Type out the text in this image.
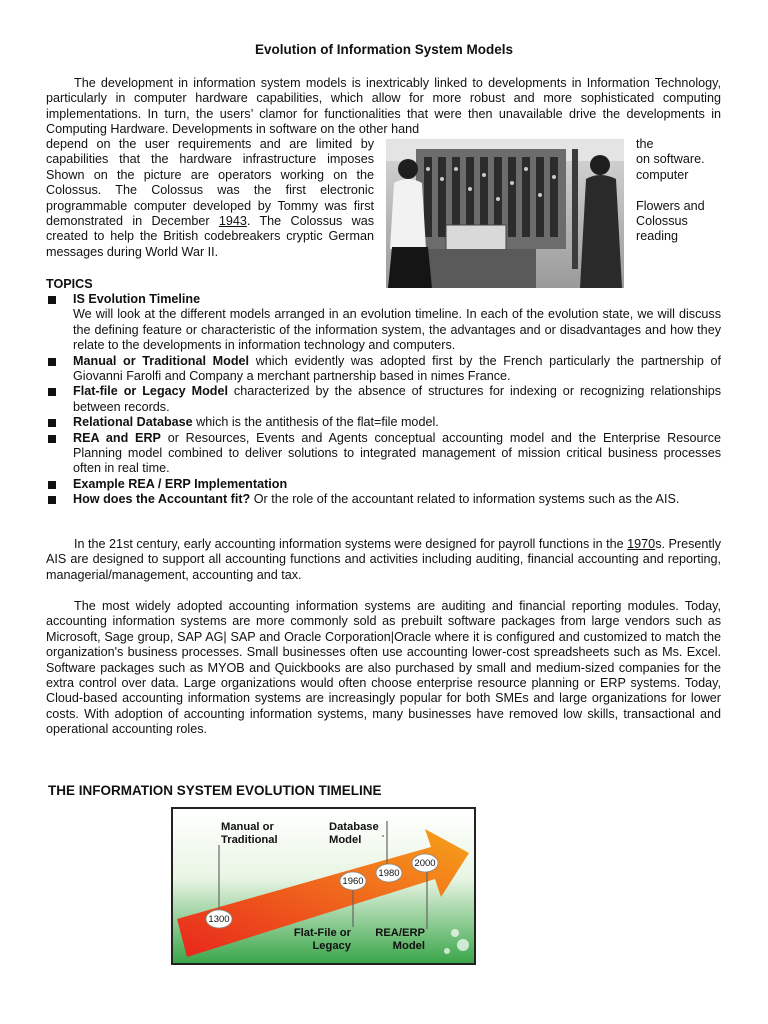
Evolution of Information System Models

The development in information system models is inextricably linked to developments in Information Technology, particularly in computer hardware capabilities, which allow for more robust and more sophisticated computing implementations. In turn, the users’ clamor for functionalities that were then unavailable drive the developments in Computing Hardware. Developments in software on the other hand

depend on the user requirements and are limited by capabilities that the hardware infrastructure imposes Shown on the picture are operators working on the Colossus. The Colossus was the first electronic programmable computer developed by Tommy was first demonstrated in December 1943. The Colossus was created to help the British codebreakers cryptic German messages during World War II.
the
on software.
computer

Flowers and
Colossus
reading
TOPICS
IS Evolution Timeline
We will look at the different models arranged in an evolution timeline. In each of the evolution state, we will discuss the defining feature or characteristic of the information system, the advantages and or disadvantages and how they relate to the developments in information technology and computers.
Manual or Traditional Model which evidently was adopted first by the French particularly the partnership of Giovanni Farolfi and Company a merchant partnership based in nimes France.
Flat-file or Legacy Model characterized by the absence of structures for indexing or recognizing relationships between records.
Relational Database which is the antithesis of the flat=file model.
REA and ERP or Resources, Events and Agents conceptual accounting model and the Enterprise Resource Planning model combined to deliver solutions to integrated management of mission critical business processes often in real time.
Example REA / ERP Implementation
How does the Accountant fit? Or the role of the accountant related to information systems such as the AIS.

In the 21st century, early accounting information systems were designed for payroll functions in the 1970s. Presently AIS are designed to support all accounting functions and activities including auditing, financial accounting and reporting, managerial/management, accounting and tax.

The most widely adopted accounting information systems are auditing and financial reporting modules. Today, accounting information systems are more commonly sold as prebuilt software packages from large vendors such as Microsoft, Sage group, SAP AG| SAP and Oracle Corporation|Oracle where it is configured and customized to match the organization's business processes. Small businesses often use accounting lower-cost spreadsheets such as Ms. Excel. Software packages such as MYOB and Quickbooks are also purchased by small and medium-sized companies for the extra control over data. Large organizations would often choose enterprise resource planning or ERP systems. Today, Cloud-based accounting information systems are increasingly popular for both SMEs and large organizations for lower costs. With adoption of accounting information systems, many businesses have removed low skills, transactional and operational accounting roles.

THE INFORMATION SYSTEM EVOLUTION TIMELINE
1300
1960
1980
2000
Manual or Traditional
Database Model
Flat-File or Legacy
REA/ERP Model
